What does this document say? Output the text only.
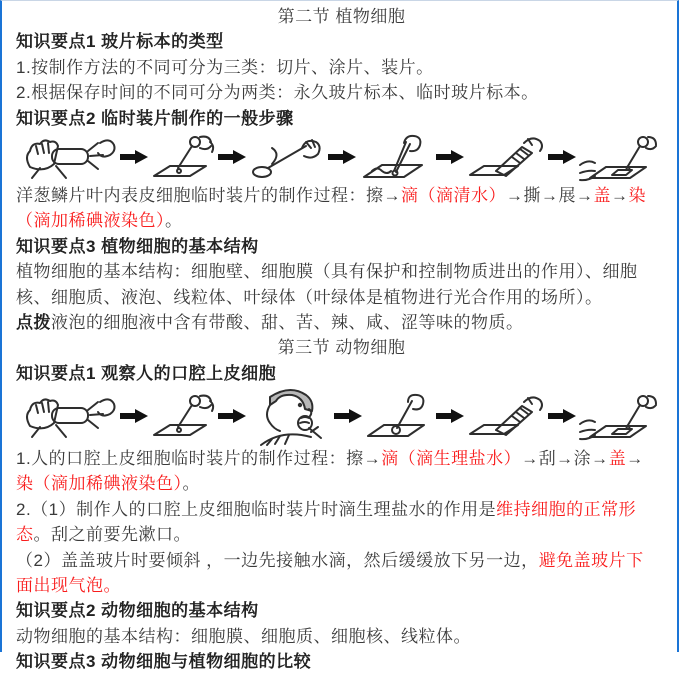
第二节 植物细胞
知识要点1 玻片标本的类型
1.按制作方法的不同可分为三类：切片、涂片、装片。
2.根据保存时间的不同可分为两类：永久玻片标本、临时玻片标本。
知识要点2 临时装片制作的一般步骤
洋葱鳞片叶内表皮细胞临时装片的制作过程：擦→滴（滴清水）→撕→展→盖→染
（滴加稀碘液染色）。
知识要点3 植物细胞的基本结构
植物细胞的基本结构：细胞壁、细胞膜（具有保护和控制物质进出的作用）、细胞
核、细胞质、液泡、线粒体、叶绿体（叶绿体是植物进行光合作用的场所）。
点拨液泡的细胞液中含有带酸、甜、苦、辣、咸、涩等味的物质。
第三节 动物细胞
知识要点1 观察人的口腔上皮细胞
1.人的口腔上皮细胞临时装片的制作过程：擦→滴（滴生理盐水）→刮→涂→盖→
染（滴加稀碘液染色）。
2.（1）制作人的口腔上皮细胞临时装片时滴生理盐水的作用是维持细胞的正常形
态。刮之前要先漱口。
（2）盖盖玻片时要倾斜 ，一边先接触水滴，然后缓缓放下另一边，避免盖玻片下
面出现气泡。
知识要点2 动物细胞的基本结构
动物细胞的基本结构：细胞膜、细胞质、细胞核、线粒体。
知识要点3 动物细胞与植物细胞的比较
